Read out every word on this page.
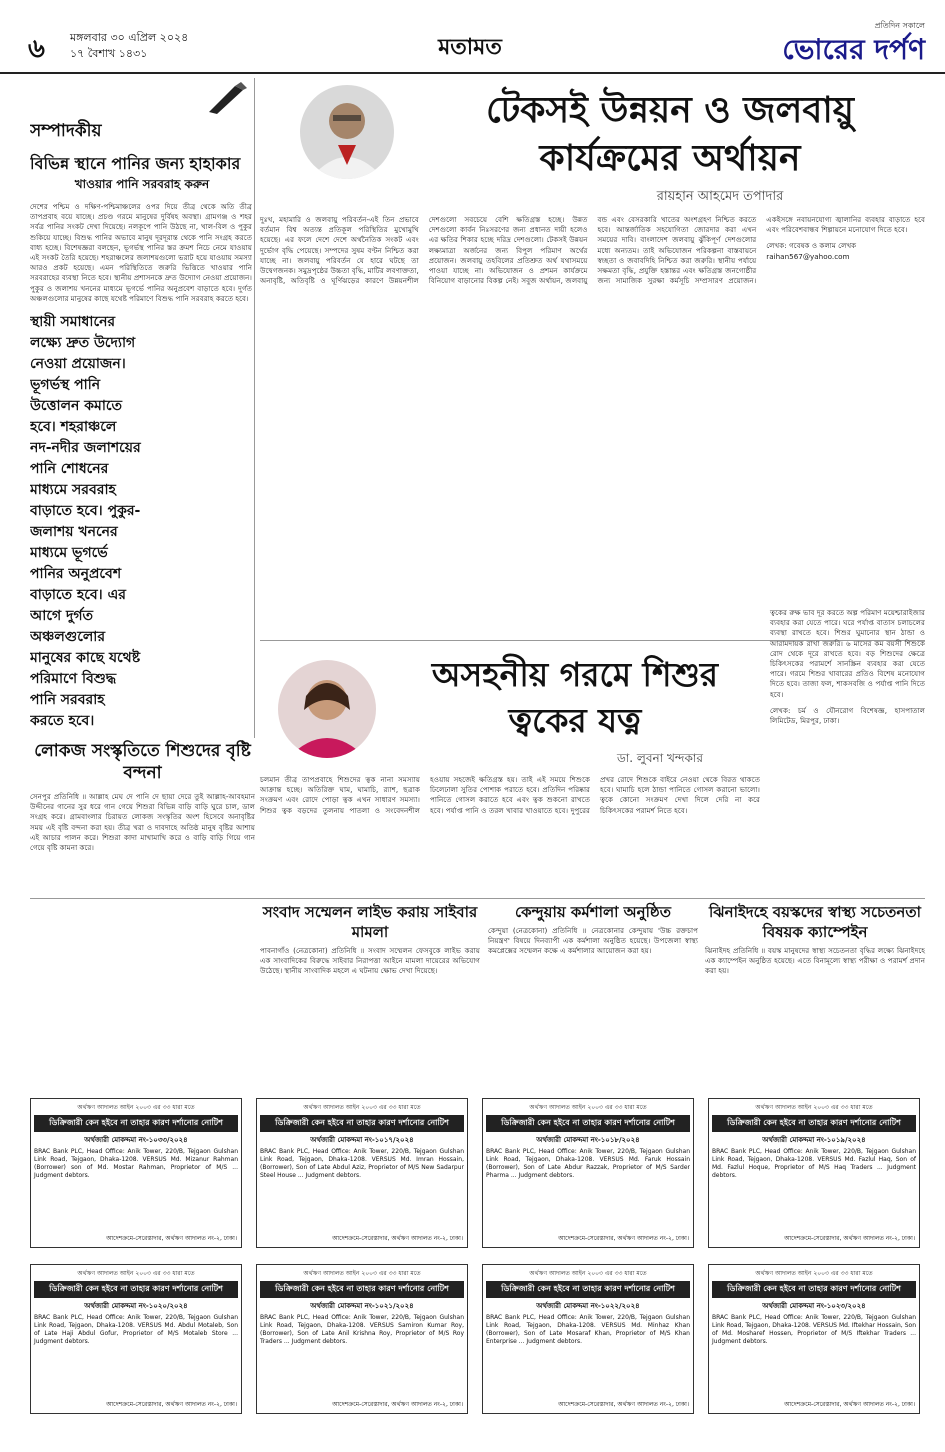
৬ মঙ্গলবার ৩০ এপ্রিল ২০২৪
১৭ বৈশাখ ১৪৩১	মতামত
প্রতিদিন সকালে
ভোরের দর্পণ
সম্পাদকীয়
বিভিন্ন স্থানে পানির জন্য হাহাকার
খাওয়ার পানি সরবরাহ করুন
দেশের পশ্চিম ও দক্ষিণ-পশ্চিমাঞ্চলের ওপর দিয়ে তীব্র থেকে অতি তীব্র তাপপ্রবাহ বয়ে যাচ্ছে। প্রচণ্ড গরমে মানুষের দুর্বিষহ অবস্থা। গ্রামগঞ্জ ও শহর সর্বত্র পানির সংকট দেখা দিয়েছে। নলকূপে পানি উঠছে না, খাল-বিল ও পুকুর শুকিয়ে যাচ্ছে। বিশুদ্ধ পানির অভাবে মানুষ দূরদূরান্ত থেকে পানি সংগ্রহ করতে বাধ্য হচ্ছে। বিশেষজ্ঞরা বলছেন, ভূগর্ভস্থ পানির স্তর ক্রমশ নিচে নেমে যাওয়ায় এই সংকট তৈরি হয়েছে। শহরাঞ্চলের জলাশয়গুলো ভরাট হয়ে যাওয়ায় সমস্যা আরও প্রকট হয়েছে। এমন পরিস্থিতিতে জরুরি ভিত্তিতে খাওয়ার পানি সরবরাহের ব্যবস্থা নিতে হবে। স্থানীয় প্রশাসনকে দ্রুত উদ্যোগ নেওয়া প্রয়োজন। পুকুর ও জলাশয় খননের মাধ্যমে ভূগর্ভে পানির অনুপ্রবেশ বাড়াতে হবে। দুর্গত অঞ্চলগুলোর মানুষের কাছে যথেষ্ট পরিমাণে বিশুদ্ধ পানি সরবরাহ করতে হবে।
স্থায়ী সমাধানের লক্ষ্যে দ্রুত উদ্যোগ নেওয়া প্রয়োজন। ভূগর্ভস্থ পানি উত্তোলন কমাতে হবে। শহরাঞ্চলে নদ-নদীর জলাশয়ের পানি শোধনের মাধ্যমে সরবরাহ বাড়াতে হবে। পুকুর-জলাশয় খননের মাধ্যমে ভূগর্ভে পানির অনুপ্রবেশ বাড়াতে হবে। এর আগে দুর্গত অঞ্চলগুলোর মানুষের কাছে যথেষ্ট পরিমাণে বিশুদ্ধ পানি সরবরাহ করতে হবে।
টেকসই উন্নয়ন ও জলবায়ু কার্যক্রমের অর্থায়ন
রায়হান আহমেদ তপাদার
দুঃখ, মহামারি ও জলবায়ু পরিবর্তন-এই তিন প্রভাবে বর্তমান বিশ্ব অত্যন্ত প্রতিকূল পরিস্থিতির মুখোমুখি হয়েছে। এর ফলে দেশে দেশে অর্থনৈতিক সংকট এবং দুর্ভোগ বৃদ্ধি পেয়েছে। সম্পদের সুষম বণ্টন নিশ্চিত করা যাচ্ছে না। জলবায়ু পরিবর্তন যে হারে ঘটছে তা উদ্বেগজনক। সমুদ্রপৃষ্ঠের উচ্চতা বৃদ্ধি, মাটির লবণাক্ততা, অনাবৃষ্টি, অতিবৃষ্টি ও ঘূর্ণিঝড়ের কারণে উন্নয়নশীল দেশগুলো সবচেয়ে বেশি ক্ষতিগ্রস্ত হচ্ছে। উন্নত দেশগুলো কার্বন নিঃসরণের জন্য প্রধানত দায়ী হলেও এর ক্ষতির শিকার হচ্ছে দরিদ্র দেশগুলো। টেকসই উন্নয়ন লক্ষ্যমাত্রা অর্জনের জন্য বিপুল পরিমাণ অর্থের প্রয়োজন। জলবায়ু তহবিলের প্রতিশ্রুত অর্থ যথাসময়ে পাওয়া যাচ্ছে না। অভিযোজন ও প্রশমন কার্যক্রমে বিনিয়োগ বাড়ানোর বিকল্প নেই। সবুজ অর্থায়ন, জলবায়ু বন্ড এবং বেসরকারি খাতের অংশগ্রহণ নিশ্চিত করতে হবে। আন্তর্জাতিক সহযোগিতা জোরদার করা এখন সময়ের দাবি। বাংলাদেশ জলবায়ু ঝুঁকিপূর্ণ দেশগুলোর মধ্যে অন্যতম। তাই অভিযোজন পরিকল্পনা বাস্তবায়নে স্বচ্ছতা ও জবাবদিহি নিশ্চিত করা জরুরি। স্থানীয় পর্যায়ে সক্ষমতা বৃদ্ধি, প্রযুক্তি হস্তান্তর এবং ক্ষতিগ্রস্ত জনগোষ্ঠীর জন্য সামাজিক সুরক্ষা কর্মসূচি সম্প্রসারণ প্রয়োজন। একইসঙ্গে নবায়নযোগ্য জ্বালানির ব্যবহার বাড়াতে হবে এবং পরিবেশবান্ধব শিল্পায়নে মনোযোগ দিতে হবে।
লেখক: গবেষক ও কলাম লেখক
raihan567@yahoo.com
অসহনীয় গরমে শিশুর ত্বকের যত্ন
ডা. লুবনা খন্দকার
চলমান তীব্র তাপপ্রবাহে শিশুদের ত্বক নানা সমস্যায় আক্রান্ত হচ্ছে। অতিরিক্ত ঘাম, ঘামাচি, র‌্যাশ, ছত্রাক সংক্রমণ এবং রোদে পোড়া ত্বক এখন সাধারণ সমস্যা। শিশুর ত্বক বড়দের তুলনায় পাতলা ও সংবেদনশীল হওয়ায় সহজেই ক্ষতিগ্রস্ত হয়। তাই এই সময়ে শিশুকে ঢিলেঢালা সুতির পোশাক পরাতে হবে। প্রতিদিন পরিষ্কার পানিতে গোসল করাতে হবে এবং ত্বক শুকনো রাখতে হবে। পর্যাপ্ত পানি ও তরল খাবার খাওয়াতে হবে। দুপুরের প্রখর রোদে শিশুকে বাইরে নেওয়া থেকে বিরত থাকতে হবে। ঘামাচি হলে ঠান্ডা পানিতে গোসল করানো ভালো। ত্বকে কোনো সংক্রমণ দেখা দিলে দেরি না করে চিকিৎসকের পরামর্শ নিতে হবে।
ত্বকের রুক্ষ ভাব দূর করতে অল্প পরিমাণ ময়েশ্চারাইজার ব্যবহার করা যেতে পারে। ঘরে পর্যাপ্ত বাতাস চলাচলের ব্যবস্থা রাখতে হবে। শিশুর ঘুমানোর স্থান ঠান্ডা ও আরামদায়ক রাখা জরুরি। ৬ মাসের কম বয়সী শিশুকে রোদ থেকে দূরে রাখতে হবে। বড় শিশুদের ক্ষেত্রে চিকিৎসকের পরামর্শে সানস্ক্রিন ব্যবহার করা যেতে পারে। গরমে শিশুর খাবারের প্রতিও বিশেষ মনোযোগ দিতে হবে। তাজা ফল, শাকসবজি ও পর্যাপ্ত পানি দিতে হবে।
লেখক: চর্ম ও যৌনরোগ বিশেষজ্ঞ, হাসপাতাল লিমিটেড, মিরপুর, ঢাকা।
লোকজ সংস্কৃতিতে শিশুদের বৃষ্টি বন্দনা
সেনপুর প্রতিনিধি ॥ আল্লাহ মেঘ দে পানি দে ছায়া দেরে তুই আল্লাহ-আবহমান উদ্দীনের গানের সুর ধরে গান গেয়ে শিশুরা বিভিন্ন বাড়ি বাড়ি ঘুরে চাল, ডাল সংগ্রহ করে। গ্রামবাংলার চিরায়ত লোকজ সংস্কৃতির অংশ হিসেবে অনাবৃষ্টির সময় এই বৃষ্টি বন্দনা করা হয়। তীব্র খরা ও দাবদাহে অতিষ্ঠ মানুষ বৃষ্টির আশায় এই আচার পালন করে। শিশুরা কাদা মাখামাখি করে ও বাড়ি বাড়ি গিয়ে গান গেয়ে বৃষ্টি কামনা করে।
সংবাদ সম্মেলন লাইভ করায় সাইবার মামলা
পাবনাগাঁও (নেত্রকোনা) প্রতিনিধি ॥ সংবাদ সম্মেলন ফেসবুকে লাইভ করায় এক সাংবাদিকের বিরুদ্ধে সাইবার নিরাপত্তা আইনে মামলা দায়েরের অভিযোগ উঠেছে। স্থানীয় সাংবাদিক মহলে এ ঘটনায় ক্ষোভ দেখা দিয়েছে।
কেন্দুয়ায় কর্মশালা অনুষ্ঠিত
কেন্দুয়া (নেত্রকোনা) প্রতিনিধি ॥ নেত্রকোনার কেন্দুয়ায় 'উচ্চ রক্তচাপ নিয়ন্ত্রণ' বিষয়ে দিনব্যাপী এক কর্মশালা অনুষ্ঠিত হয়েছে। উপজেলা স্বাস্থ্য কমপ্লেক্সের সম্মেলন কক্ষে এ কর্মশালার আয়োজন করা হয়।
ঝিনাইদহে বয়স্কদের স্বাস্থ্য সচেতনতা বিষয়ক ক্যাম্পেইন
ঝিনাইদহ প্রতিনিধি ॥ বয়স্ক মানুষদের স্বাস্থ্য সচেতনতা বৃদ্ধির লক্ষ্যে ঝিনাইদহে এক ক্যাম্পেইন অনুষ্ঠিত হয়েছে। এতে বিনামূল্যে স্বাস্থ্য পরীক্ষা ও পরামর্শ প্রদান করা হয়।
অর্থঋণ আদালত আইন ২০০৩ এর ৩৩ ধারা মতে
ডিক্রিজারী কেন হইবে না তাহার কারণ দর্শানোর নোটিশ
অর্থজারী মোকদ্দমা নং-১০৩৩/২০২৪
BRAC Bank PLC, Head Office: Anik Tower, 220/B, Tejgaon Gulshan Link Road, Tejgaon, Dhaka-1208. VERSUS Md. Mizanur Rahman (Borrower) son of Md. Mostar Rahman, Proprietor of M/S ... Judgment debtors.
আদেশক্রমে-সেরেস্তাদার, অর্থঋণ আদালত নং-২, ঢাকা।
অর্থঋণ আদালত আইন ২০০৩ এর ৩৩ ধারা মতে
ডিক্রিজারী কেন হইবে না তাহার কারণ দর্শানোর নোটিশ
অর্থজারী মোকদ্দমা নং-১০১৭/২০২৪
BRAC Bank PLC, Head Office: Anik Tower, 220/B, Tejgaon Gulshan Link Road, Tejgaon, Dhaka-1208. VERSUS Md. Imran Hossain, (Borrower), Son of Late Abdul Aziz, Proprietor of M/S New Sadarpur Steel House ... Judgment debtors.
আদেশক্রমে-সেরেস্তাদার, অর্থঋণ আদালত নং-২, ঢাকা।
অর্থঋণ আদালত আইন ২০০৩ এর ৩৩ ধারা মতে
ডিক্রিজারী কেন হইবে না তাহার কারণ দর্শানোর নোটিশ
অর্থজারী মোকদ্দমা নং-১০১৮/২০২৪
BRAC Bank PLC, Head Office: Anik Tower, 220/B, Tejgaon Gulshan Link Road, Tejgaon, Dhaka-1208. VERSUS Md. Faruk Hossain (Borrower), Son of Late Abdur Razzak, Proprietor of M/S Sarder Pharma ... Judgment debtors.
আদেশক্রমে-সেরেস্তাদার, অর্থঋণ আদালত নং-২, ঢাকা।
অর্থঋণ আদালত আইন ২০০৩ এর ৩৩ ধারা মতে
ডিক্রিজারী কেন হইবে না তাহার কারণ দর্শানোর নোটিশ
অর্থজারী মোকদ্দমা নং-১০১৯/২০২৪
BRAC Bank PLC, Head Office: Anik Tower, 220/B, Tejgaon Gulshan Link Road, Tejgaon, Dhaka-1208. VERSUS Md. Fazlul Haq, Son of Md. Fazlul Hoque, Proprietor of M/S Haq Traders ... Judgment debtors.
আদেশক্রমে-সেরেস্তাদার, অর্থঋণ আদালত নং-২, ঢাকা।
অর্থঋণ আদালত আইন ২০০৩ এর ৩৩ ধারা মতে
ডিক্রিজারী কেন হইবে না তাহার কারণ দর্শানোর নোটিশ
অর্থজারী মোকদ্দমা নং-১০২০/২০২৪
BRAC Bank PLC, Head Office: Anik Tower, 220/B, Tejgaon Gulshan Link Road, Tejgaon, Dhaka-1208. VERSUS Md. Abdul Motaleb, Son of Late Haji Abdul Gofur, Proprietor of M/S Motaleb Store ... Judgment debtors.
আদেশক্রমে-সেরেস্তাদার, অর্থঋণ আদালত নং-২, ঢাকা।
অর্থঋণ আদালত আইন ২০০৩ এর ৩৩ ধারা মতে
ডিক্রিজারী কেন হইবে না তাহার কারণ দর্শানোর নোটিশ
অর্থজারী মোকদ্দমা নং-১০২১/২০২৪
BRAC Bank PLC, Head Office: Anik Tower, 220/B, Tejgaon Gulshan Link Road, Tejgaon, Dhaka-1208. VERSUS Samiron Kumar Roy, (Borrower), Son of Late Anil Krishna Roy, Proprietor of M/S Roy Traders ... Judgment debtors.
আদেশক্রমে-সেরেস্তাদার, অর্থঋণ আদালত নং-২, ঢাকা।
অর্থঋণ আদালত আইন ২০০৩ এর ৩৩ ধারা মতে
ডিক্রিজারী কেন হইবে না তাহার কারণ দর্শানোর নোটিশ
অর্থজারী মোকদ্দমা নং-১০২২/২০২৪
BRAC Bank PLC, Head Office: Anik Tower, 220/B, Tejgaon Gulshan Link Road, Tejgaon, Dhaka-1208. VERSUS Md. Minhaz Khan (Borrower), Son of Late Mosaraf Khan, Proprietor of M/S Khan Enterprise ... Judgment debtors.
আদেশক্রমে-সেরেস্তাদার, অর্থঋণ আদালত নং-২, ঢাকা।
অর্থঋণ আদালত আইন ২০০৩ এর ৩৩ ধারা মতে
ডিক্রিজারী কেন হইবে না তাহার কারণ দর্শানোর নোটিশ
অর্থজারী মোকদ্দমা নং-১০২৩/২০২৪
BRAC Bank PLC, Head Office: Anik Tower, 220/B, Tejgaon Gulshan Link Road, Tejgaon, Dhaka-1208. VERSUS Md. Iftekhar Hossain, Son of Md. Mosharef Hossen, Proprietor of M/S Iftekhar Traders ... Judgment debtors.
আদেশক্রমে-সেরেস্তাদার, অর্থঋণ আদালত নং-২, ঢাকা।
